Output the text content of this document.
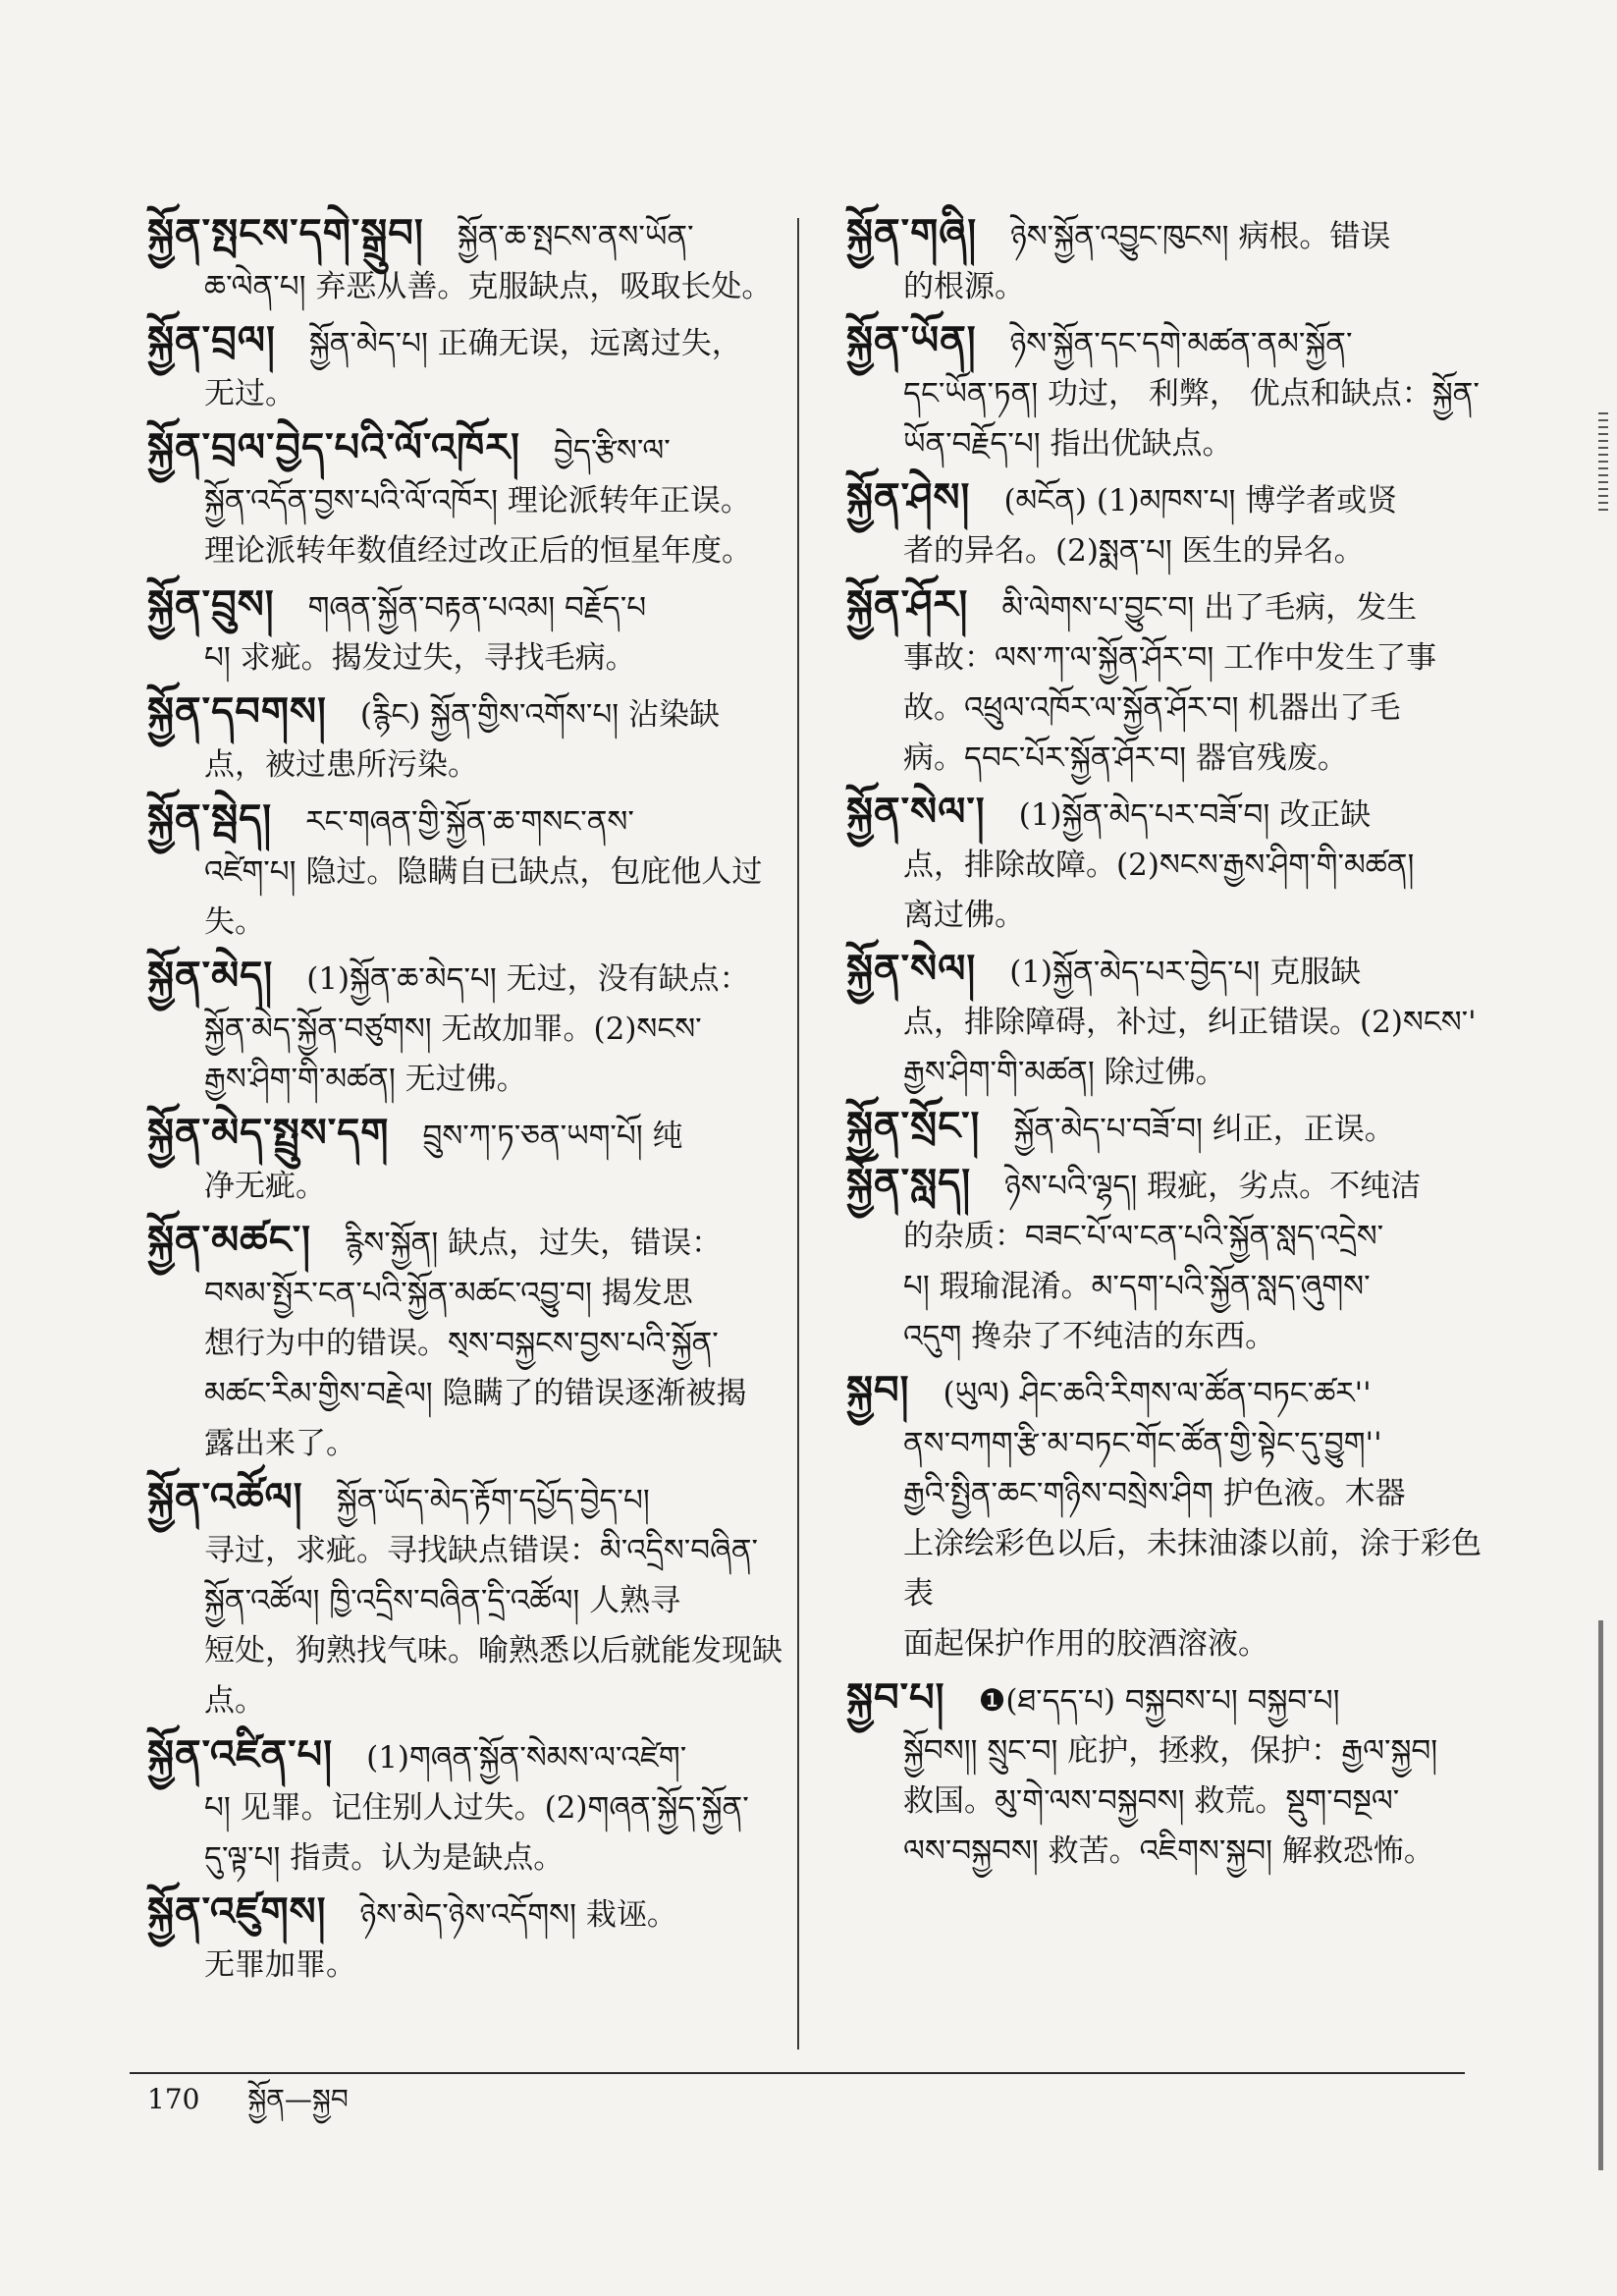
སྐྱོན་སྤངས་དགེ་སྒྲུབ། སྐྱོན་ཆ་སྤངས་ནས་ཡོན་
ཆ་ལེན་པ། 弃恶从善。克服缺点，吸取长处。
སྐྱོན་བྲལ། སྐྱོན་མེད་པ། 正确无误，远离过失，
无过。
སྐྱོན་བྲལ་བྱེད་པའི་ལོ་འཁོར། བྱེད་རྩིས་ལ་
སྐྱོན་འདོན་བྱས་པའི་ལོ་འཁོར། 理论派转年正误。
理论派转年数值经过改正后的恒星年度。
སྐྱོན་བྲུས། གཞན་སྐྱོན་བརྟན་པའམ། བརྗོད་པ
པ། 求疵。揭发过失，寻找毛病。
སྐྱོན་དབགས། (རྙིང) སྐྱོན་གྱིས་འགོས་པ། 沾染缺
点，被过患所污染。
སྐྱོན་སྦེད། རང་གཞན་གྱི་སྐྱོན་ཆ་གསང་ནས་
འཛེག་པ། 隐过。隐瞒自已缺点，包庇他人过失。
སྐྱོན་མེད། (1)སྐྱོན་ཆ་མེད་པ། 无过，没有缺点：
སྐྱོན་མེད་སྐྱོན་བཙུགས། 无故加罪。(2)སངས་
རྒྱས་ཤིག་གི་མཚན། 无过佛。
སྐྱོན་མེད་སྤྲུས་དག བྲུས་ཀ་ཏ་ཅན་ཡག་པོ། 纯
净无疵。
སྐྱོན་མཚང་། རྙིས་སྐྱོན། 缺点，过失，错误：
བསམ་སྤྱོར་ངན་པའི་སྐྱོན་མཚང་འབྱུ་བ། 揭发思
想行为中的错误。ས྄ས་བསྐྱངས་བྱས་པའི་སྐྱོན་
མཚང་རིམ་གྱིས་བརྗེལ། 隐瞒了的错误逐渐被揭
露出来了。
སྐྱོན་འཚོལ། སྐྱོན་ཡོད་མེད་རྟོག་དཔྱོད་བྱེད་པ།
寻过，求疵。寻找缺点错误：མི་འདྲིས་བཞིན་
སྐྱོན་འཚོལ། ཁྱི་འདྲིས་བཞིན་དྲི་འཚོལ། 人熟寻
短处，狗熟找气味。喻熟悉以后就能发现缺点。
སྐྱོན་འཛིན་པ། (1)གཞན་སྐྱོན་སེམས་ལ་འཛེག་
པ། 见罪。记住别人过失。(2)གཞན་སྐྱོད་སྐྱོན་
དུ་ལྟ་པ། 指责。认为是缺点。
སྐྱོན་འཛུགས། ཉེས་མེད་ཉེས་འདོགས། 栽诬。
无罪加罪。
སྐྱོན་གཞི། ཉེས་སྐྱོན་འབྱུང་ཁུངས། 病根。错误
的根源。
སྐྱོན་ཡོན། ཉེས་སྐྱོན་དང་དགེ་མཚན་ནམ་སྐྱོན་
དང་ཡོན་ཏན། 功过， 利弊， 优点和缺点：སྐྱོན་
ཡོན་བརྗོད་པ། 指出优缺点。
སྐྱོན་ཤེས། (མངོན) (1)མཁས་པ། 博学者或贤
者的异名。(2)སྨན་པ། 医生的异名。
སྐྱོན་ཤོར། མི་ལེགས་པ་བྱུང་བ། 出了毛病，发生
事故：ལས་ཀ་ལ་སྐྱོན་ཤོར་བ། 工作中发生了事
故。འཕྲུལ་འཁོར་ལ་སྐྱོན་ཤོར་བ། 机器出了毛
病。དབང་པོར་སྐྱོན་ཤོར་བ། 器官残废。
སྐྱོན་སེལ་། (1)སྐྱོན་མེད་པར་བཟོ་བ། 改正缺
点，排除故障。(2)སངས་རྒྱས་ཤིག་གི་མཚན།
离过佛。
སྐྱོན་སེལ། (1)སྐྱོན་མེད་པར་བྱེད་པ། 克服缺
点，排除障碍，补过，纠正错误。(2)སངས་'
རྒྱས་ཤིག་གི་མཚན། 除过佛。
སྐྱོན་སྲོང་། སྐྱོན་མེད་པ་བཟོ་བ། 纠正，正误。
སྐྱོན་སླད། ཉེས་པའི་ལྷད། 瑕疵，劣点。不纯洁
的杂质：བཟང་པོ་ལ་ངན་པའི་སྐྱོན་སླད་འདྲེས་
པ། 瑕瑜混淆。མ་དག་པའི་སྐྱོན་སླད་ཞུགས་
འདུག 搀杂了不纯洁的东西。
སྐྱབ། (ཡུལ) ཤིང་ཆའི་རིགས་ལ་ཚོན་བཏང་ཚར''
ནས་བཀག་རྩི་མ་བཏང་གོང་ཚོན་གྱི་སྟེང་དུ་བྱུག''
རྒྱའི་སྤྱིན་ཆང་གཉིས་བསྲེས་ཤིག 护色液。木器
上涂绘彩色以后，未抹油漆以前，涂于彩色表
面起保护作用的胶酒溶液。
སྐྱབ་པ། ❶(ཐ་དད་པ) བསྐྱབས་པ། བསྐྱབ་པ།
སྐྱོབས།། སྲུང་བ། 庇护，拯救，保护：རྒྱལ་སྐྱབ།
救国。མུ་གེ་ལས་བསྐྱབས། 救荒。སྡུག་བསྔལ་
ལས་བསྐྱབས། 救苦。འཇིགས་སྐྱབ། 解救恐怖。
170 སྐྱོན—སྐྱབ
